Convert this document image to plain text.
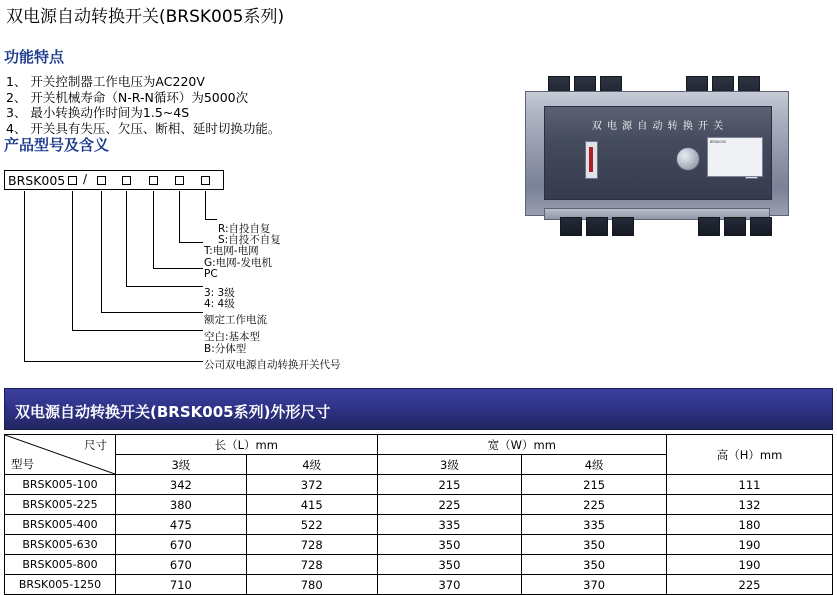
双电源自动转换开关(BRSK005系列)
功能特点
1、 开关控制器工作电压为AC220V
2、 开关机械寿命（N-R-N循环）为5000次
3、 最小转换动作时间为1.5~4S
4、 开关具有失压、欠压、断相、延时切换功能。
产品型号及含义
BRSK005 /
R:自投自复
S:自投不自复
T:电网-电网
G:电网-发电机
PC
3: 3级
4: 4级
额定工作电流
空白:基本型
B:分体型
公司双电源自动转换开关代号
双 电 源 自 动 转 换 开 关
BRSK005
双电源自动转换开关(BRSK005系列)外形尺寸
尺寸
型号	长（L）mm		宽（W）mm		高（H）mm
	3级	4级	3级	4级	
BRSK005-100	342	372	215	215	111
BRSK005-225	380	415	225	225	132
BRSK005-400	475	522	335	335	180
BRSK005-630	670	728	350	350	190
BRSK005-800	670	728	350	350	190
BRSK005-1250	710	780	370	370	225
